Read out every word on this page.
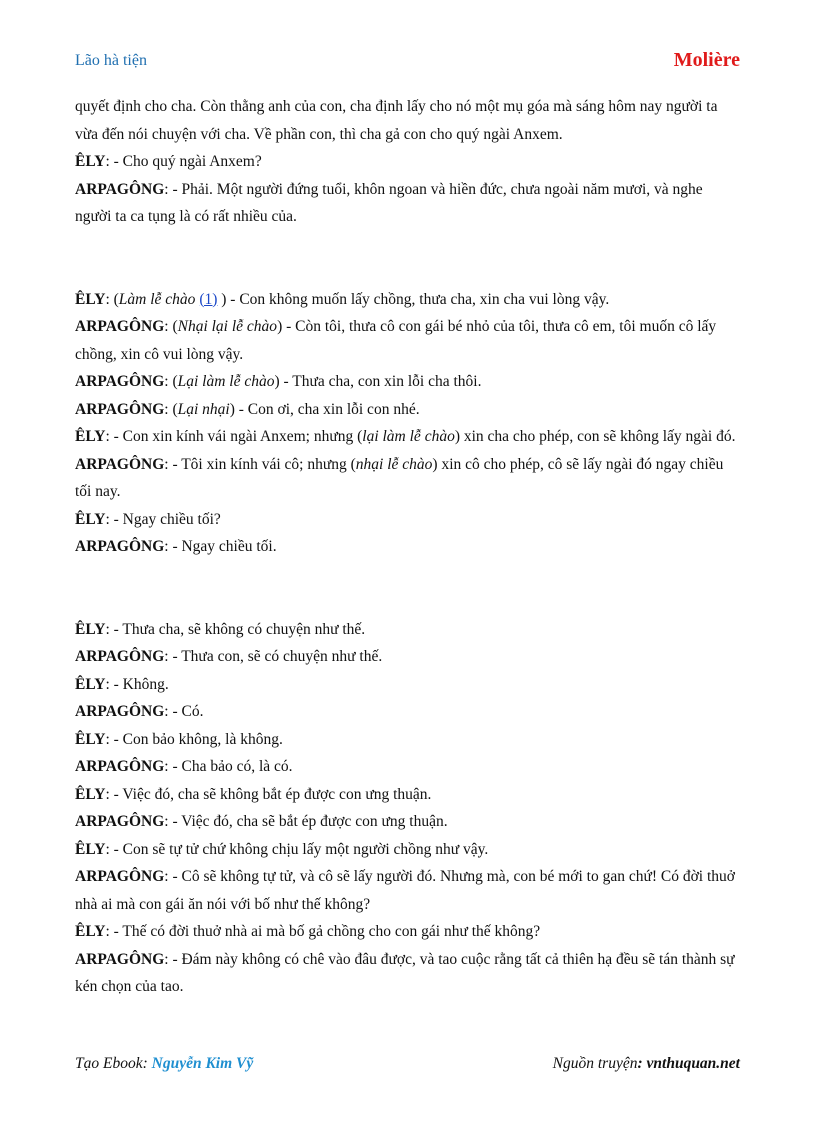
Lão hà tiện	Molière

quyết định cho cha. Còn thằng anh của con, cha định lấy cho nó một mụ góa mà sáng hôm nay người ta vừa đến nói chuyện với cha. Về phần con, thì cha gả con cho quý ngài Anxem.

ÊLY: - Cho quý ngài Anxem?

ARPAGÔNG: - Phải. Một người đứng tuổi, khôn ngoan và hiền đức, chưa ngoài năm mươi, và nghe người ta ca tụng là có rất nhiều của.

ÊLY: (Làm lễ chào (1) ) - Con không muốn lấy chồng, thưa cha, xin cha vui lòng vậy.

ARPAGÔNG: (Nhại lại lễ chào) - Còn tôi, thưa cô con gái bé nhỏ của tôi, thưa cô em, tôi muốn cô lấy chồng, xin cô vui lòng vậy.

ARPAGÔNG: (Lại làm lễ chào) - Thưa cha, con xin lỗi cha thôi.

ARPAGÔNG: (Lại nhại) - Con ơi, cha xin lỗi con nhé.

ÊLY: - Con xin kính vái ngài Anxem; nhưng (lại làm lễ chào) xin cha cho phép, con sẽ không lấy ngài đó.

ARPAGÔNG: - Tôi xin kính vái cô; nhưng (nhại lễ chào) xin cô cho phép, cô sẽ lấy ngài đó ngay chiều tối nay.

ÊLY: - Ngay chiều tối?

ARPAGÔNG: - Ngay chiều tối.

ÊLY: - Thưa cha, sẽ không có chuyện như thế.

ARPAGÔNG: - Thưa con, sẽ có chuyện như thế.

ÊLY: - Không.

ARPAGÔNG: - Có.

ÊLY: - Con bảo không, là không.

ARPAGÔNG: - Cha bảo có, là có.

ÊLY: - Việc đó, cha sẽ không bắt ép được con ưng thuận.

ARPAGÔNG: - Việc đó, cha sẽ bắt ép được con ưng thuận.

ÊLY: - Con sẽ tự tử chứ không chịu lấy một người chồng như vậy.

ARPAGÔNG: - Cô sẽ không tự tử, và cô sẽ lấy người đó. Nhưng mà, con bé mới to gan chứ! Có đời thuở nhà ai mà con gái ăn nói với bố như thế không?

ÊLY: - Thế có đời thuở nhà ai mà bố gả chồng cho con gái như thế không?

ARPAGÔNG: - Đám này không có chê vào đâu được, và tao cuộc rằng tất cả thiên hạ đều sẽ tán thành sự kén chọn của tao.

Tạo Ebook: Nguyễn Kim Vỹ	Nguồn truyện: vnthuquan.net
